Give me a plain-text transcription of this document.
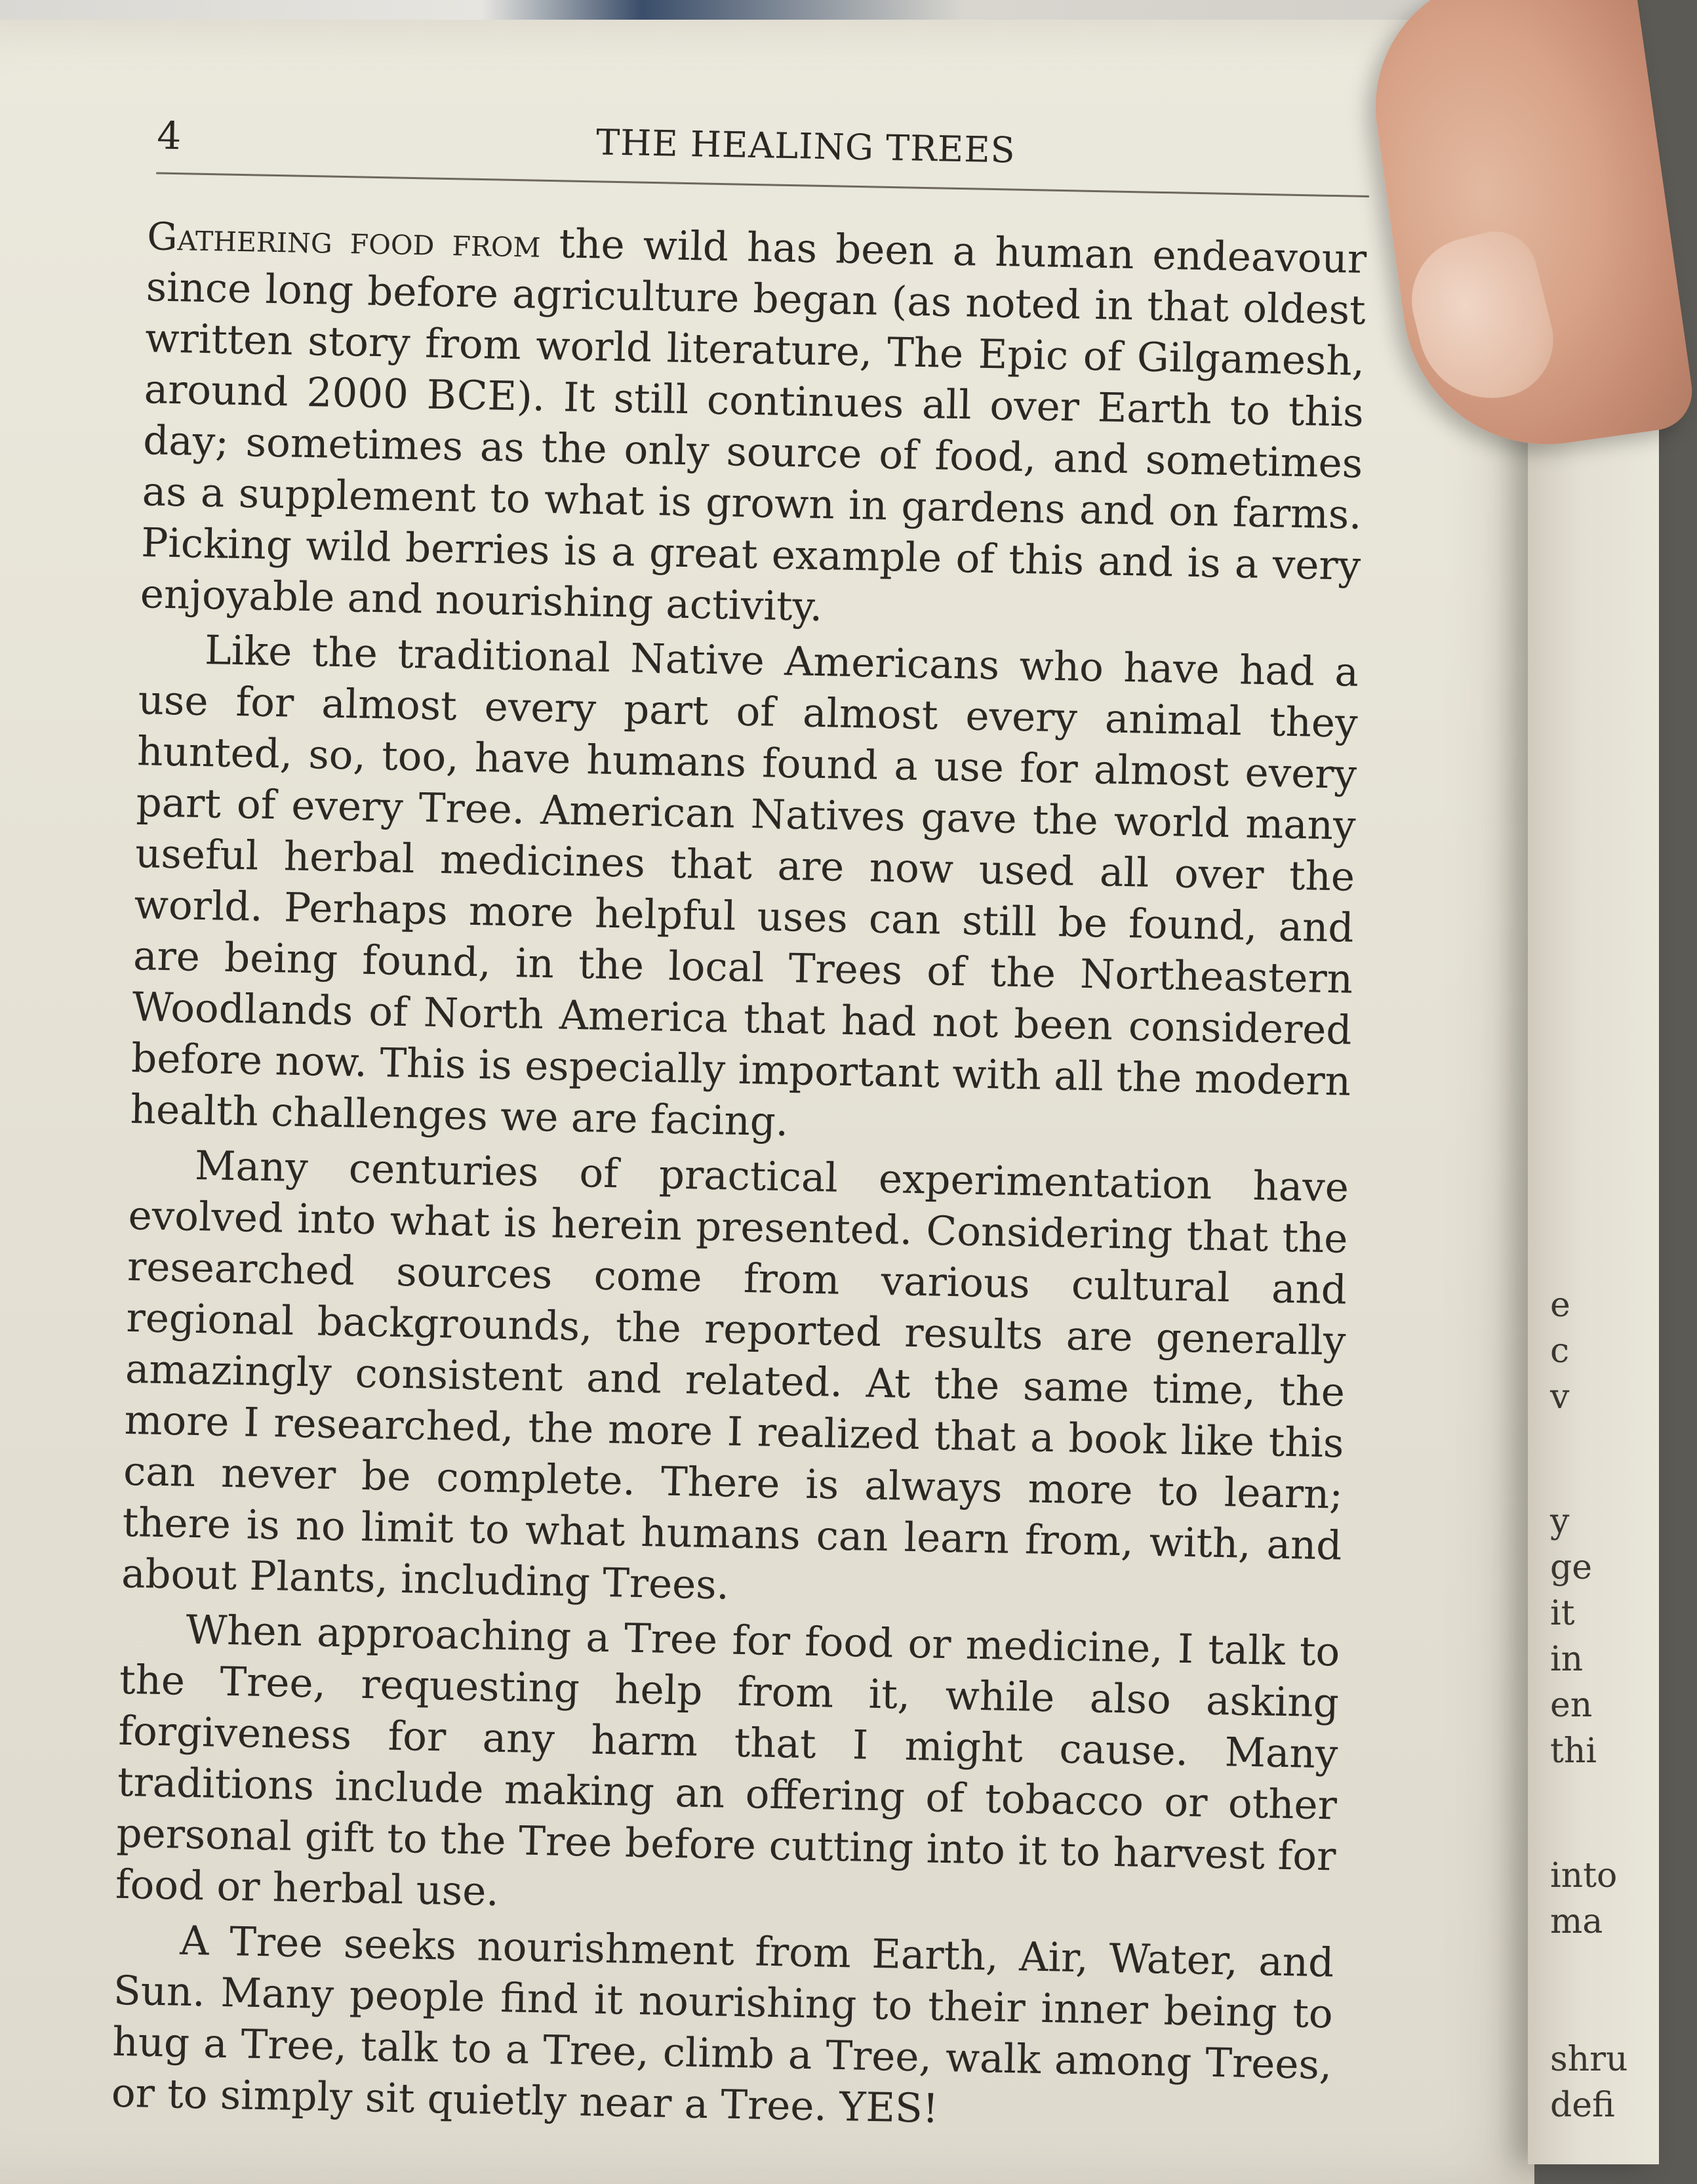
e
c
v
y
ge
it
in
en
thi
into
ma
shru
defi
4	THE HEALING TREES

Gathering food from the wild has been a human endeavour since long before agriculture began (as noted in that oldest written story from world literature, The Epic of Gilgamesh, around 2000 BCE). It still continues all over Earth to this day; sometimes as the only source of food, and sometimes as a supplement to what is grown in gardens and on farms. Picking wild berries is a great example of this and is a very enjoyable and nourishing activity.

Like the traditional Native Americans who have had a use for almost every part of almost every animal they hunted, so, too, have humans found a use for almost every part of every Tree. American Natives gave the world many useful herbal medicines that are now used all over the world. Perhaps more helpful uses can still be found, and are being found, in the local Trees of the Northeastern Woodlands of North America that had not been considered before now. This is especially important with all the modern health challenges we are facing.

Many centuries of practical experimentation have evolved into what is herein presented. Considering that the researched sources come from various cultural and regional backgrounds, the reported results are generally amazingly consistent and related. At the same time, the more I researched, the more I realized that a book like this can never be complete. There is always more to learn; there is no limit to what humans can learn from, with, and about Plants, including Trees.

When approaching a Tree for food or medicine, I talk to the Tree, requesting help from it, while also asking forgiveness for any harm that I might cause. Many traditions include making an offering of tobacco or other personal gift to the Tree before cutting into it to harvest for food or herbal use.

A Tree seeks nourishment from Earth, Air, Water, and Sun. Many people find it nourishing to their inner being to hug a Tree, talk to a Tree, climb a Tree, walk among Trees, or to simply sit quietly near a Tree. YES!
